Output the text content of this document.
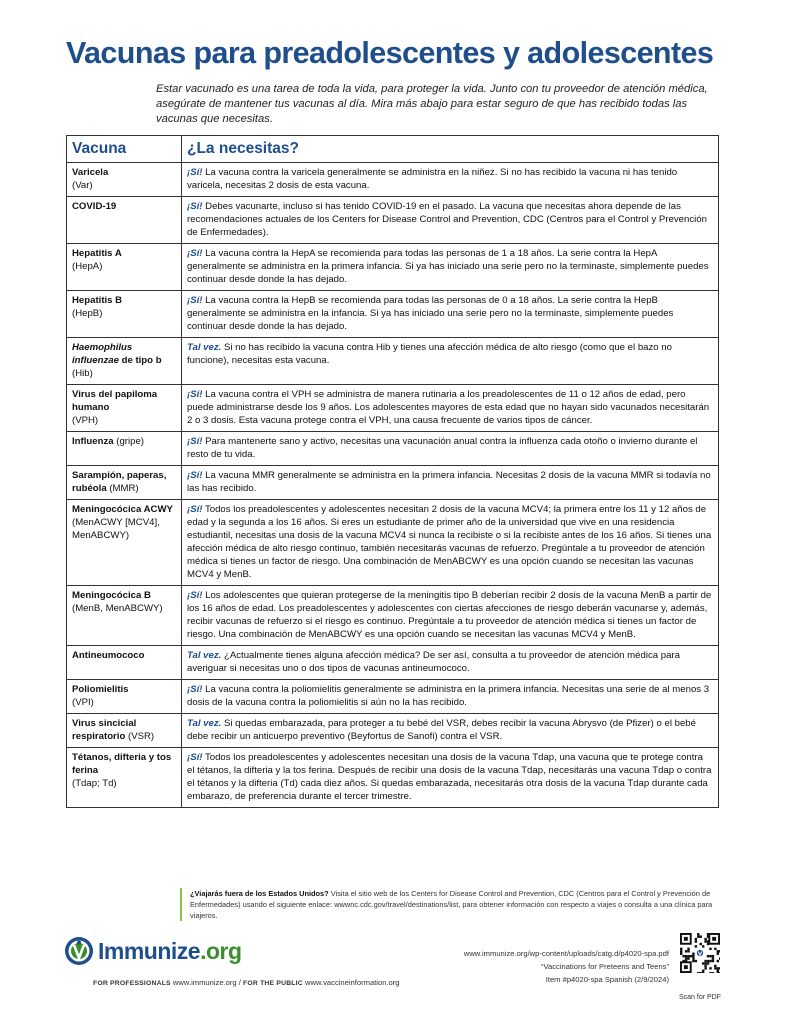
Vacunas para preadolescentes y adolescentes

Estar vacunado es una tarea de toda la vida, para proteger la vida. Junto con tu proveedor de atención médica, asegúrate de mantener tus vacunas al día. Mira más abajo para estar seguro de que has recibido todas las vacunas que necesitas.

Vacuna	¿La necesitas?
Varicela
(Var)	¡Sí! La vacuna contra la varicela generalmente se administra en la niñez. Si no has recibido la vacuna ni has tenido varicela, necesitas 2 dosis de esta vacuna.
COVID-19	¡Sí! Debes vacunarte, incluso si has tenido COVID-19 en el pasado. La vacuna que necesitas ahora depende de las recomendaciones actuales de los Centers for Disease Control and Prevention, CDC (Centros para el Control y Prevención de Enfermedades).
Hepatitis A
(HepA)	¡Sí! La vacuna contra la HepA se recomienda para todas las personas de 1 a 18 años. La serie contra la HepA generalmente se administra en la primera infancia. Si ya has iniciado una serie pero no la terminaste, simplemente puedes continuar desde donde la has dejado.
Hepatitis B
(HepB)	¡Sí! La vacuna contra la HepB se recomienda para todas las personas de 0 a 18 años. La serie contra la HepB generalmente se administra en la infancia. Si ya has iniciado una serie pero no la terminaste, simplemente puedes continuar desde donde la has dejado.
Haemophilus influenzae de tipo b
(Hib)	Tal vez. Si no has recibido la vacuna contra Hib y tienes una afección médica de alto riesgo (como que el bazo no funcione), necesitas esta vacuna.
Virus del papiloma humano
(VPH)	¡Sí! La vacuna contra el VPH se administra de manera rutinaria a los preadolescentes de 11 o 12 años de edad, pero puede administrarse desde los 9 años. Los adolescentes mayores de esta edad que no hayan sido vacunados necesitarán 2 o 3 dosis. Esta vacuna protege contra el VPH, una causa frecuente de varios tipos de cáncer.
Influenza (gripe)	¡Sí! Para mantenerte sano y activo, necesitas una vacunación anual contra la influenza cada otoño o invierno durante el resto de tu vida.
Sarampión, paperas, rubéola (MMR)	¡Sí! La vacuna MMR generalmente se administra en la primera infancia. Necesitas 2 dosis de la vacuna MMR si todavía no las has recibido.
Meningocócica ACWY
(MenACWY [MCV4], MenABCWY)	¡Sí! Todos los preadolescentes y adolescentes necesitan 2 dosis de la vacuna MCV4; la primera entre los 11 y 12 años de edad y la segunda a los 16 años. Si eres un estudiante de primer año de la universidad que vive en una residencia estudiantil, necesitas una dosis de la vacuna MCV4 si nunca la recibiste o si la recibiste antes de los 16 años. Si tienes una afección médica de alto riesgo continuo, también necesitarás vacunas de refuerzo. Pregúntale a tu proveedor de atención médica si tienes un factor de riesgo. Una combinación de MenABCWY es una opción cuando se necesitan las vacunas MCV4 y MenB.
Meningocócica B
(MenB, MenABCWY)	¡Sí! Los adolescentes que quieran protegerse de la meningitis tipo B deberían recibir 2 dosis de la vacuna MenB a partir de los 16 años de edad. Los preadolescentes y adolescentes con ciertas afecciones de riesgo deberán vacunarse y, además, recibir vacunas de refuerzo si el riesgo es continuo. Pregúntale a tu proveedor de atención médica si tienes un factor de riesgo. Una combinación de MenABCWY es una opción cuando se necesitan las vacunas MCV4 y MenB.
Antineumococo	Tal vez. ¿Actualmente tienes alguna afección médica? De ser así, consulta a tu proveedor de atención médica para averiguar si necesitas uno o dos tipos de vacunas antineumococo.
Poliomielitis
(VPI)	¡Sí! La vacuna contra la poliomielitis generalmente se administra en la primera infancia. Necesitas una serie de al menos 3 dosis de la vacuna contra la poliomielitis si aún no la has recibido.
Virus sincicial respiratorio (VSR)	Tal vez. Si quedas embarazada, para proteger a tu bebé del VSR, debes recibir la vacuna Abrysvo (de Pfizer) o el bebé debe recibir un anticuerpo preventivo (Beyfortus de Sanofi) contra el VSR.
Tétanos, difteria y tos ferina
(Tdap; Td)	¡Sí! Todos los preadolescentes y adolescentes necesitan una dosis de la vacuna Tdap, una vacuna que te protege contra el tétanos, la difteria y la tos ferina. Después de recibir una dosis de la vacuna Tdap, necesitarás una vacuna Tdap o contra el tétanos y la difteria (Td) cada diez años. Si quedas embarazada, necesitarás otra dosis de la vacuna Tdap durante cada embarazo, de preferencia durante el tercer trimestre.
¿Viajarás fuera de los Estados Unidos? Visita el sitio web de los Centers for Disease Control and Prevention, CDC (Centros para el Control y Prevención de Enfermedades) usando el siguiente enlace: wwwnc.cdc.gov/travel/destinations/list, para obtener información con respecto a viajes o consulta a una clínica para viajeros.
Immunize.org
FOR PROFESSIONALS www.immunize.org / FOR THE PUBLIC www.vaccineinformation.org
www.immunize.org/wp-content/uploads/catg.d/p4020-spa.pdf
“Vaccinations for Preteens and Teens”
Item #p4020-spa Spanish (2/9/2024)
Scan for PDF
